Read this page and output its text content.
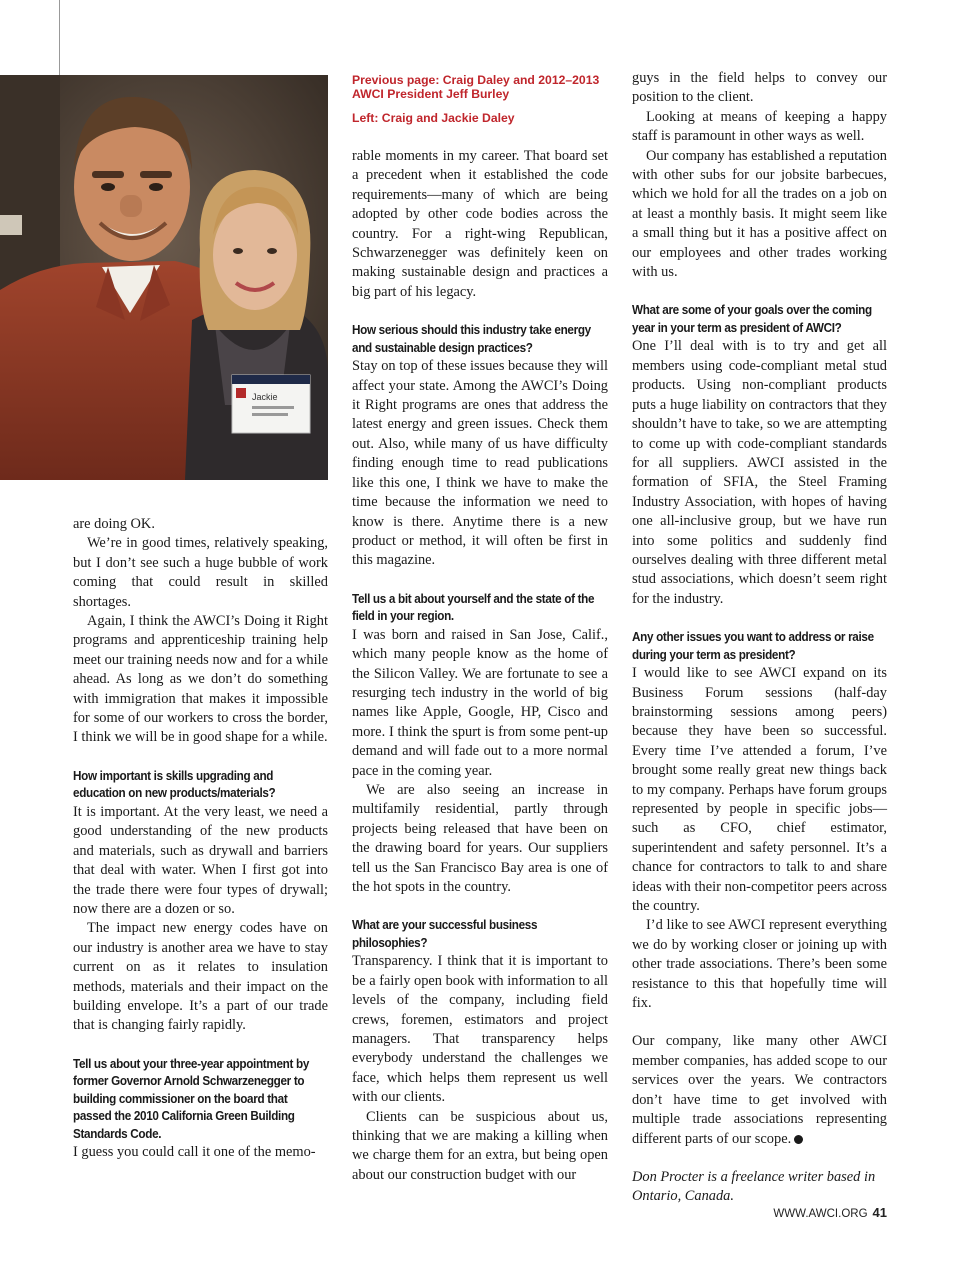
Jackie
Previous page: Craig Daley and 2012–2013 AWCI President Jeff Burley
Left: Craig and Jackie Daley

are doing OK.

We’re in good times, relatively speaking, but I don’t see such a huge bubble of work coming that could result in skilled shortages.

Again, I think the AWCI’s Doing it Right programs and apprenticeship training help meet our training needs now and for a while ahead. As long as we don’t do something with immigration that makes it impossible for some of our workers to cross the border, I think we will be in good shape for a while.

How important is skills upgrading and education on new products/materials?

It is important. At the very least, we need a good understanding of the new products and materials, such as drywall and barriers that deal with water. When I first got into the trade there were four types of drywall; now there are a dozen or so.

The impact new energy codes have on our industry is another area we have to stay current on as it relates to insulation methods, materials and their impact on the building envelope. It’s a part of our trade that is changing fairly rapidly.

Tell us about your three-year appointment by former Governor Arnold Schwarzenegger to building commissioner on the board that passed the 2010 California Green Building Standards Code.

I guess you could call it one of the memo-

rable moments in my career. That board set a precedent when it established the code requirements—many of which are being adopted by other code bodies across the country. For a right-wing Republican, Schwarzenegger was definitely keen on making sustainable design and practices a big part of his legacy.

How serious should this industry take energy and sustainable design practices?

Stay on top of these issues because they will affect your state. Among the AWCI’s Doing it Right programs are ones that address the latest energy and green issues. Check them out. Also, while many of us have difficulty finding enough time to read publications like this one, I think we have to make the time because the information we need to know is there. Anytime there is a new product or method, it will often be first in this magazine.

Tell us a bit about yourself and the state of the field in your region.

I was born and raised in San Jose, Calif., which many people know as the home of the Silicon Valley. We are fortunate to see a resurging tech industry in the world of big names like Apple, Google, HP, Cisco and more. I think the spurt is from some pent-up demand and will fade out to a more normal pace in the coming year.

We are also seeing an increase in multifamily residential, partly through projects being released that have been on the drawing board for years. Our suppliers tell us the San Francisco Bay area is one of the hot spots in the country.

What are your successful business philosophies?

Transparency. I think that it is important to be a fairly open book with information to all levels of the company, including field crews, foremen, estimators and project managers. That transparency helps everybody understand the challenges we face, which helps them represent us well with our clients.

Clients can be suspicious about us, thinking that we are making a killing when we charge them for an extra, but being open about our construction budget with our

guys in the field helps to convey our position to the client.

Looking at means of keeping a happy staff is paramount in other ways as well.

Our company has established a reputation with other subs for our jobsite barbecues, which we hold for all the trades on a job on at least a monthly basis. It might seem like a small thing but it has a positive affect on our employees and other trades working with us.

What are some of your goals over the coming year in your term as president of AWCI?

One I’ll deal with is to try and get all members using code-compliant metal stud products. Using non-compliant products puts a huge liability on contractors that they shouldn’t have to take, so we are attempting to come up with code-compliant standards for all suppliers. AWCI assisted in the formation of SFIA, the Steel Framing Industry Association, with hopes of having one all-inclusive group, but we have run into some politics and suddenly find ourselves dealing with three different metal stud associations, which doesn’t seem right for the industry.

Any other issues you want to address or raise during your term as president?

I would like to see AWCI expand on its Business Forum sessions (half-day brainstorming sessions among peers) because they have been so successful. Every time I’ve attended a forum, I’ve brought some really great new things back to my company. Perhaps have forum groups represented by people in specific jobs—such as CFO, chief estimator, superintendent and safety personnel. It’s a chance for contractors to talk to and share ideas with their non-competitor peers across the country.

I’d like to see AWCI represent everything we do by working closer or joining up with other trade associations. There’s been some resistance to this that hopefully time will fix.

Our company, like many other AWCI member companies, has added scope to our services over the years. We contractors don’t have time to get involved with multiple trade associations representing different parts of our scope.

Don Procter is a freelance writer based in Ontario, Canada.

WWW.AWCI.ORG 41
